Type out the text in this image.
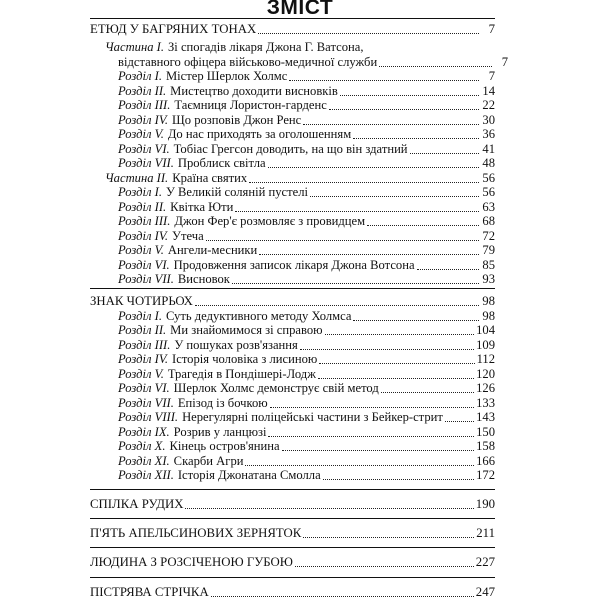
ЗМІСТ
ЕТЮД У БАГРЯНИХ ТОНАХ	7
Частина I. Зі спогадів лікаря Джона Г. Ватсона,
відставного офіцера військово-медичної служби	7
Розділ I. Містер Шерлок Холмс	7
Розділ II. Мистецтво доходити висновків	14
Розділ III. Таємниця Лористон-гарденс	22
Розділ IV. Що розповів Джон Ренс	30
Розділ V. До нас приходять за оголошенням	36
Розділ VI. Тобіас Грегсон доводить, на що він здатний	41
Розділ VII. Проблиск світла	48
Частина II. Країна святих	56
Розділ I. У Великій соляній пустелі	56
Розділ II. Квітка Юти	63
Розділ III. Джон Фер'є розмовляє з провидцем	68
Розділ IV. Утеча	72
Розділ V. Ангели-месники	79
Розділ VI. Продовження записок лікаря Джона Вотсона	85
Розділ VII. Висновок	93
ЗНАК ЧОТИРЬОХ	98
Розділ I. Суть дедуктивного методу Холмса	98
Розділ II. Ми знайомимося зі справою	104
Розділ III. У пошуках розв'язання	109
Розділ IV. Історія чоловіка з лисиною	112
Розділ V. Трагедія в Пондішері-Лодж	120
Розділ VI. Шерлок Холмс демонструє свій метод	126
Розділ VII. Епізод із бочкою	133
Розділ VIII. Нерегулярні поліцейські частини з Бейкер-стрит	143
Розділ IX. Розрив у ланцюзі	150
Розділ X. Кінець остров'янина	158
Розділ XI. Скарби Агри	166
Розділ XII. Історія Джонатана Смолла	172
СПІЛКА РУДИХ	190
П'ЯТЬ АПЕЛЬСИНОВИХ ЗЕРНЯТОК	211
ЛЮДИНА З РОЗСІЧЕНОЮ ГУБОЮ	227
ПІСТРЯВА СТРІЧКА	247
